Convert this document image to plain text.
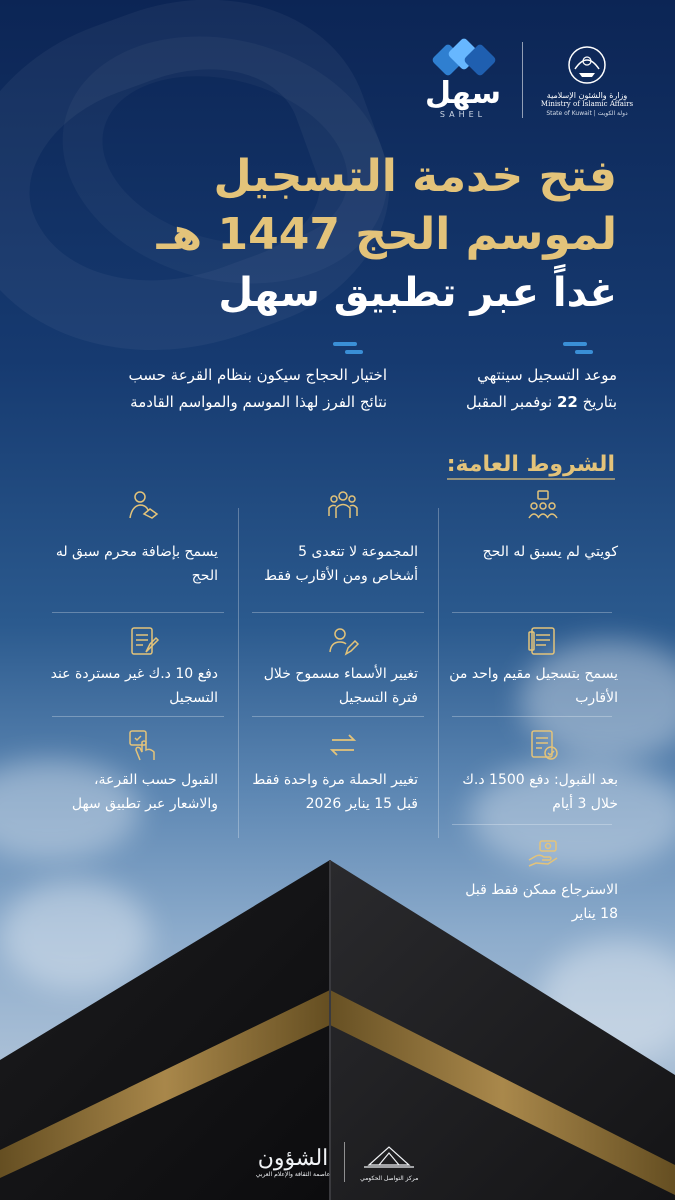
سهل
SAHEL
وزارة والشئون الإسلامية
Ministry of Islamic Affairs
State of Kuwait | دولة الكويت
فتح خدمة التسجيل
لموسم الحج 1447 هـ
غداً عبر تطبيق سهل
موعد التسجيل سينتهي
بتاريخ 22 نوفمبر المقبل
اختيار الحجاج سيكون بنظام القرعة حسب
نتائج الفرز لهذا الموسم والمواسم القادمة
الشروط العامة:
كويتي لم يسبق له الحج
المجموعة لا تتعدى 5 أشخاص ومن الأقارب فقط
يسمح بإضافة محرم سبق له الحج
يسمح بتسجيل مقيم واحد من الأقارب
تغيير الأسماء مسموح خلال فترة التسجيل
دفع 10 د.ك غير مستردة عند التسجيل
بعد القبول: دفع 1500 د.ك خلال 3 أيام
تغيير الحملة مرة واحدة فقط قبل 15 يناير 2026
القبول حسب القرعة، والاشعار عبر تطبيق سهل
الاسترجاع ممكن فقط قبل 18 يناير
الشؤون
عاصمة الثقافة والإعلام العربي	مركز التواصل الحكومي
